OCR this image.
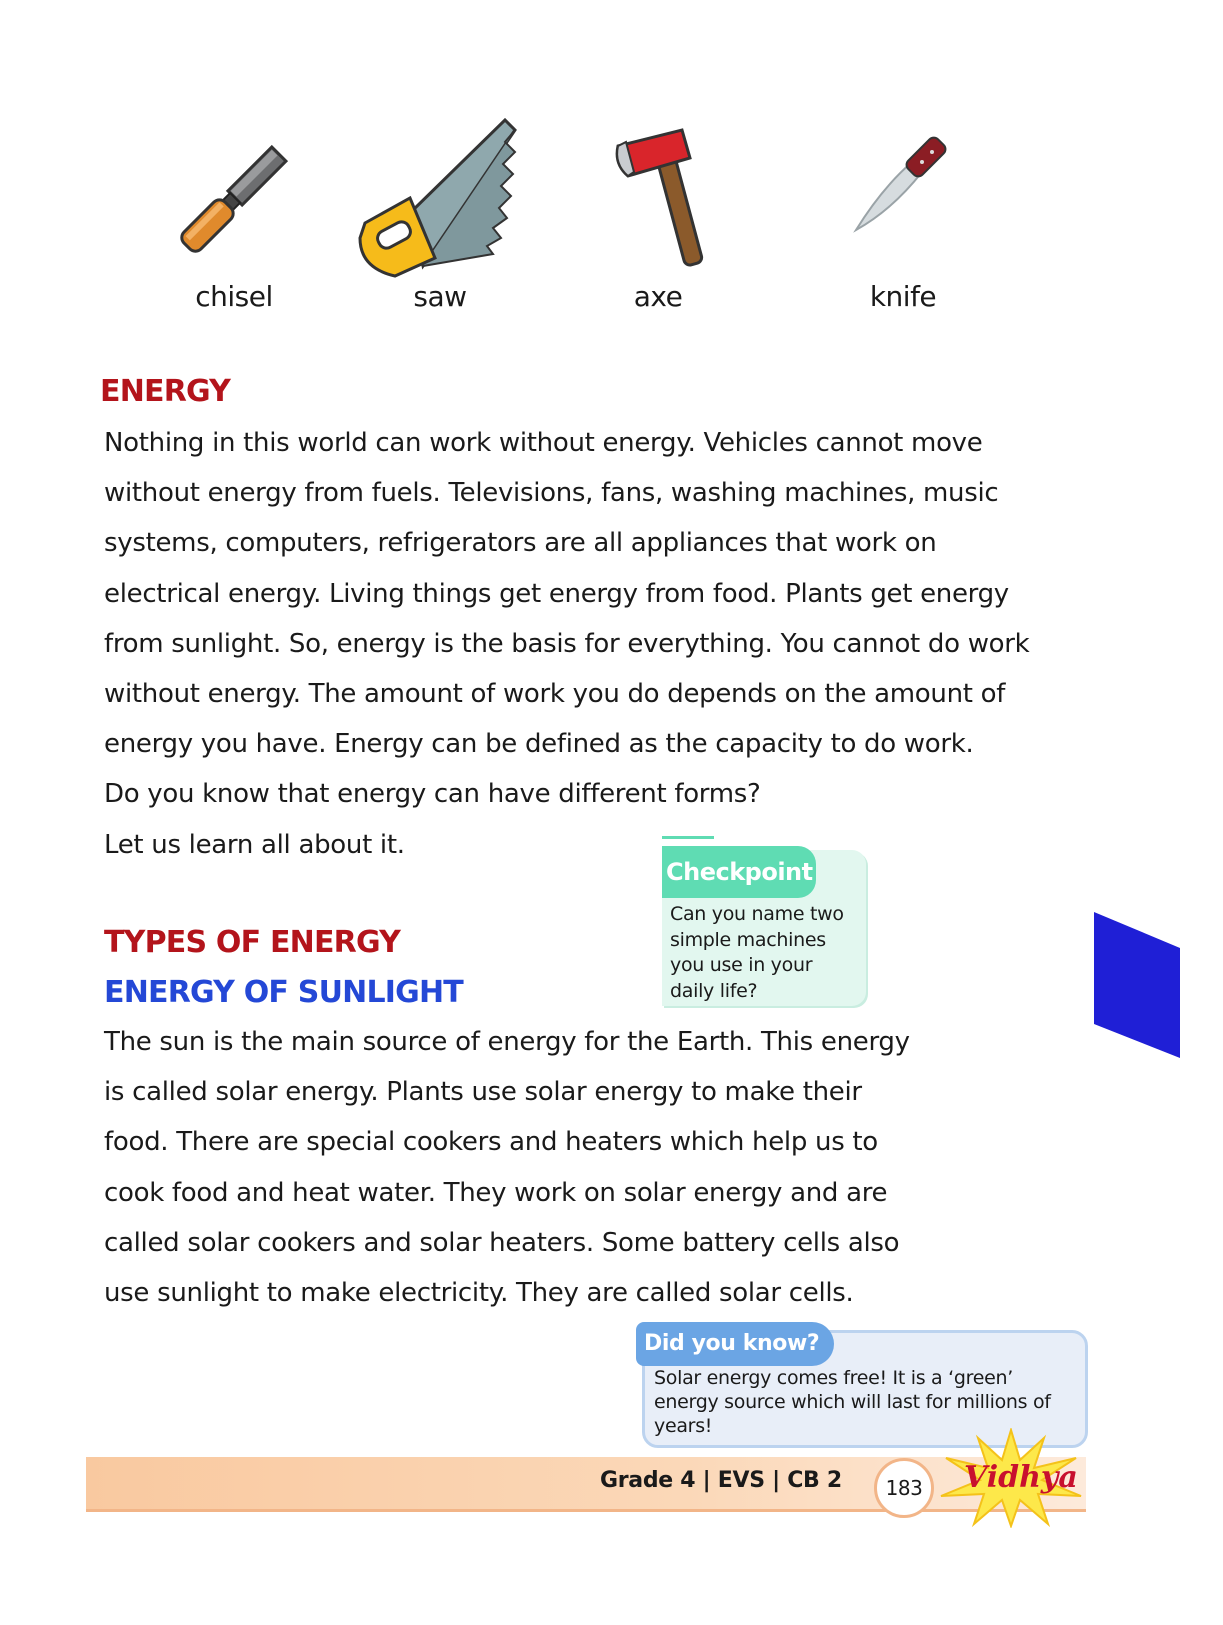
chisel	saw	axe	knife
ENERGY

Nothing in this world can work without energy. Vehicles cannot move
without energy from fuels. Televisions, fans, washing machines, music
systems, computers, refrigerators are all appliances that work on
electrical energy. Living things get energy from food. Plants get energy
from sunlight. So, energy is the basis for everything. You cannot do work
without energy. The amount of work you do depends on the amount of
energy you have. Energy can be defined as the capacity to do work.
Do you know that energy can have different forms?
Let us learn all about it.

Checkpoint

Can you name two
simple machines
you use in your
daily life?

TYPES OF ENERGY
ENERGY OF SUNLIGHT

The sun is the main source of energy for the Earth. This energy
is called solar energy. Plants use solar energy to make their
food. There are special cookers and heaters which help us to
cook food and heat water. They work on solar energy and are
called solar cookers and solar heaters. Some battery cells also
use sunlight to make electricity. They are called solar cells.

Did you know?

Solar energy comes free! It is a ‘green’
energy source which will last for millions of
years!

Grade 4 | EVS | CB 2	183	Vidhya
